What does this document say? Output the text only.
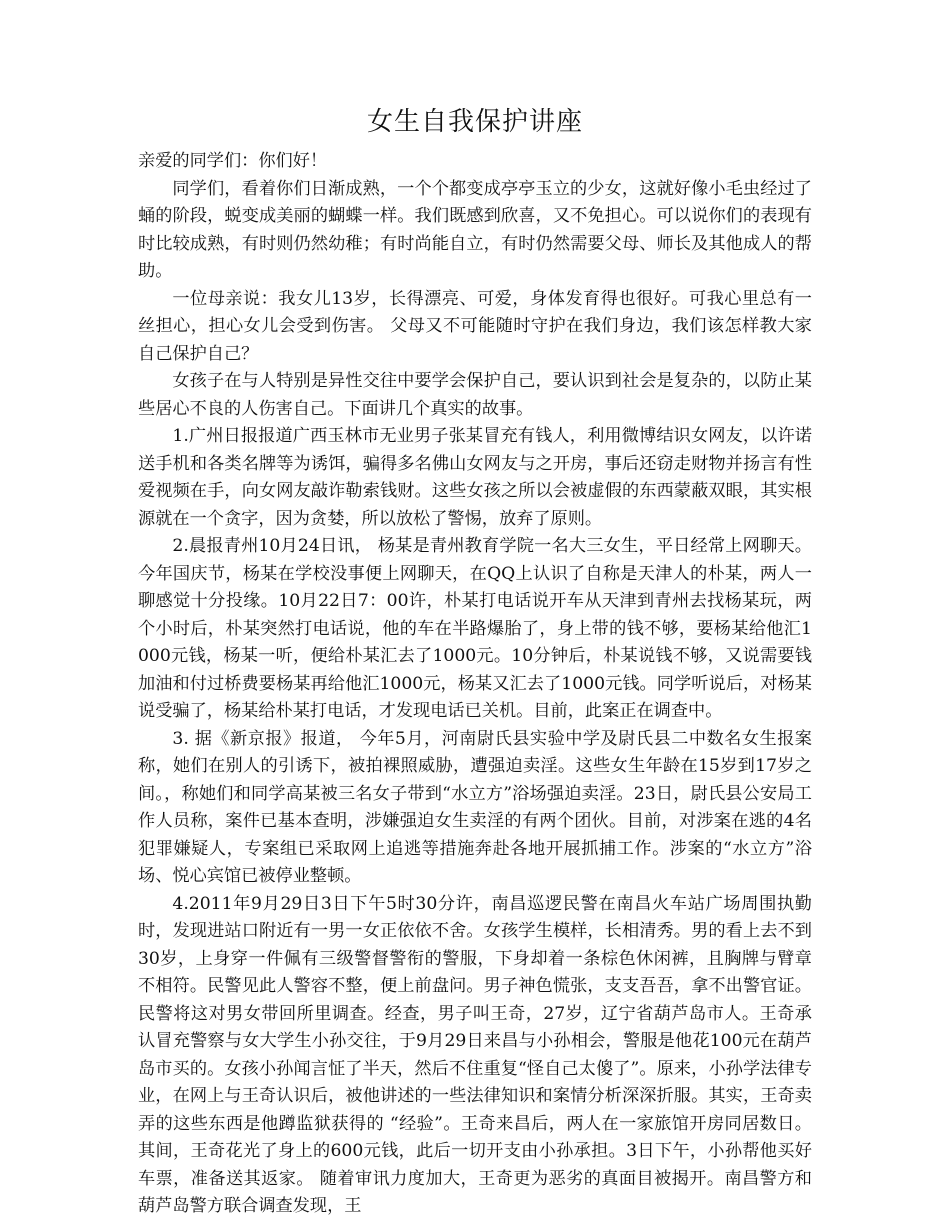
女生自我保护讲座

亲爱的同学们：你们好！

同学们，看着你们日渐成熟，一个个都变成亭亭玉立的少女，这就好像小毛虫经过了蛹的阶段，蜕变成美丽的蝴蝶一样。我们既感到欣喜，又不免担心。可以说你们的表现有时比较成熟，有时则仍然幼稚；有时尚能自立，有时仍然需要父母、师长及其他成人的帮助。

一位母亲说：我女儿13岁，长得漂亮、可爱，身体发育得也很好。可我心里总有一丝担心，担心女儿会受到伤害。 父母又不可能随时守护在我们身边，我们该怎样教大家自己保护自己？

女孩子在与人特别是异性交往中要学会保护自己，要认识到社会是复杂的，以防止某些居心不良的人伤害自己。下面讲几个真实的故事。

1.广州日报报道广西玉林市无业男子张某冒充有钱人，利用微博结识女网友，以许诺送手机和各类名牌等为诱饵，骗得多名佛山女网友与之开房，事后还窃走财物并扬言有性爱视频在手，向女网友敲诈勒索钱财。这些女孩之所以会被虚假的东西蒙蔽双眼，其实根源就在一个贪字，因为贪婪，所以放松了警惕，放弃了原则。

2.晨报青州10月24日讯， 杨某是青州教育学院一名大三女生，平日经常上网聊天。今年国庆节，杨某在学校没事便上网聊天，在QQ上认识了自称是天津人的朴某，两人一聊感觉十分投缘。10月22日7：00许，朴某打电话说开车从天津到青州去找杨某玩，两个小时后，朴某突然打电话说，他的车在半路爆胎了，身上带的钱不够，要杨某给他汇1000元钱，杨某一听，便给朴某汇去了1000元。10分钟后，朴某说钱不够，又说需要钱加油和付过桥费要杨某再给他汇1000元，杨某又汇去了1000元钱。同学听说后，对杨某说受骗了，杨某给朴某打电话，才发现电话已关机。目前，此案正在调查中。

3. 据《新京报》报道， 今年5月，河南尉氏县实验中学及尉氏县二中数名女生报案称，她们在别人的引诱下，被拍裸照威胁，遭强迫卖淫。这些女生年龄在15岁到17岁之间。，称她们和同学高某被三名女子带到“水立方”浴场强迫卖淫。23日，尉氏县公安局工作人员称，案件已基本查明，涉嫌强迫女生卖淫的有两个团伙。目前，对涉案在逃的4名犯罪嫌疑人，专案组已采取网上追逃等措施奔赴各地开展抓捕工作。涉案的“水立方”浴场、悦心宾馆已被停业整顿。

4.2011年9月29日3日下午5时30分许，南昌巡逻民警在南昌火车站广场周围执勤时，发现进站口附近有一男一女正依依不舍。女孩学生模样，长相清秀。男的看上去不到30岁，上身穿一件佩有三级警督警衔的警服，下身却着一条棕色休闲裤，且胸牌与臂章不相符。民警见此人警容不整，便上前盘问。男子神色慌张，支支吾吾，拿不出警官证。民警将这对男女带回所里调查。经查，男子叫王奇，27岁，辽宁省葫芦岛市人。王奇承认冒充警察与女大学生小孙交往，于9月29日来昌与小孙相会，警服是他花100元在葫芦岛市买的。女孩小孙闻言怔了半天，然后不住重复“怪自己太傻了”。原来，小孙学法律专业，在网上与王奇认识后，被他讲述的一些法律知识和案情分析深深折服。其实，王奇卖弄的这些东西是他蹲监狱获得的 “经验”。王奇来昌后，两人在一家旅馆开房同居数日。其间，王奇花光了身上的600元钱，此后一切开支由小孙承担。3日下午，小孙帮他买好车票，准备送其返家。 随着审讯力度加大，王奇更为恶劣的真面目被揭开。南昌警方和葫芦岛警方联合调查发现，王
